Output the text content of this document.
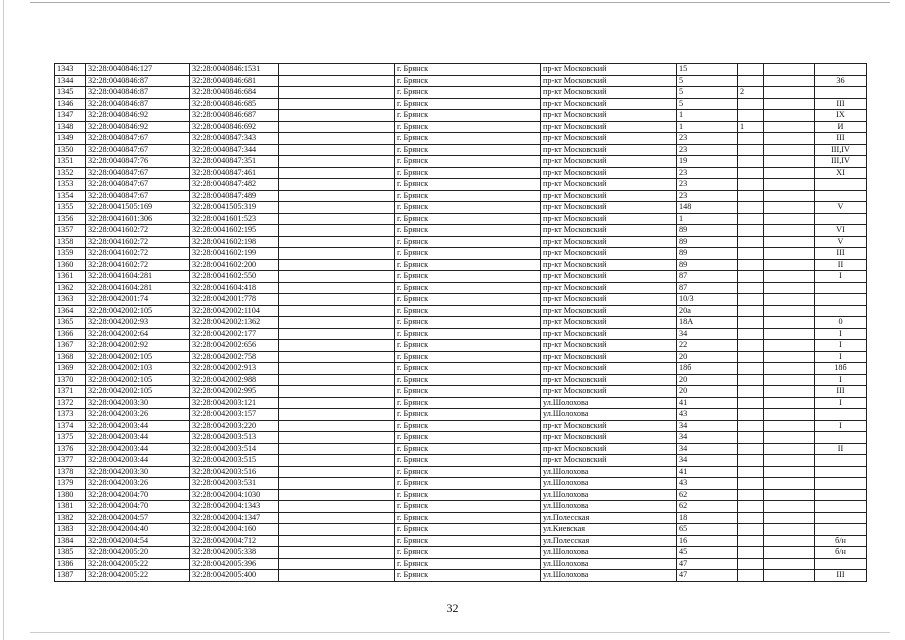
1343	32:28:0040846:127	32:28:0040846:1531		г. Брянск	пр-кт Московский	15			
1344	32:28:0040846:87	32:28:0040846:681		г. Брянск	пр-кт Московский	5			36
1345	32:28:0040846:87	32:28:0040846:684		г. Брянск	пр-кт Московский	5	2		
1346	32:28:0040846:87	32:28:0040846:685		г. Брянск	пр-кт Московский	5			III
1347	32:28:0040846:92	32:28:0040846:687		г. Брянск	пр-кт Московский	1			IX
1348	32:28:0040846:92	32:28:0040846:692		г. Брянск	пр-кт Московский	1	1		И
1349	32:28:0040847:67	32:28:0040847:343		г. Брянск	пр-кт Московский	23			III
1350	32:28:0040847:67	32:28:0040847:344		г. Брянск	пр-кт Московский	23			III,IV
1351	32:28:0040847:76	32:28:0040847:351		г. Брянск	пр-кт Московский	19			III,IV
1352	32:28:0040847:67	32:28:0040847:461		г. Брянск	пр-кт Московский	23			XI
1353	32:28:0040847:67	32:28:0040847:482		г. Брянск	пр-кт Московский	23			
1354	32:28:0040847:67	32:28:0040847:489		г. Брянск	пр-кт Московский	23			
1355	32:28:0041505:169	32:28:0041505:319		г. Брянск	пр-кт Московский	148			V
1356	32:28:0041601:306	32:28:0041601:523		г. Брянск	пр-кт Московский	1			
1357	32:28:0041602:72	32:28:0041602:195		г. Брянск	пр-кт Московский	89			VI
1358	32:28:0041602:72	32:28:0041602:198		г. Брянск	пр-кт Московский	89			V
1359	32:28:0041602:72	32:28:0041602:199		г. Брянск	пр-кт Московский	89			III
1360	32:28:0041602:72	32:28:0041602:200		г. Брянск	пр-кт Московский	89			II
1361	32:28:0041604:281	32:28:0041602:550		г. Брянск	пр-кт Московский	87			I
1362	32:28:0041604:281	32:28:0041604:418		г. Брянск	пр-кт Московский	87			
1363	32:28:0042001:74	32:28:0042001:778		г. Брянск	пр-кт Московский	10/3			
1364	32:28:0042002:105	32:28:0042002:1104		г. Брянск	пр-кт Московский	20а			
1365	32:28:0042002:93	32:28:0042002:1362		г. Брянск	пр-кт Московский	18А			0
1366	32:28:0042002:64	32:28:0042002:177		г. Брянск	пр-кт Московский	34			I
1367	32:28:0042002:92	32:28:0042002:656		г. Брянск	пр-кт Московский	22			I
1368	32:28:0042002:105	32:28:0042002:758		г. Брянск	пр-кт Московский	20			I
1369	32:28:0042002:103	32:28:0042002:913		г. Брянск	пр-кт Московский	18б			18б
1370	32:28:0042002:105	32:28:0042002:988		г. Брянск	пр-кт Московский	20			I
1371	32:28:0042002:105	32:28:0042002:995		г. Брянск	пр-кт Московский	20			III
1372	32:28:0042003:30	32:28:0042003:121		г. Брянск	ул.Шолохова	41			I
1373	32:28:0042003:26	32:28:0042003:157		г. Брянск	ул.Шолохова	43			
1374	32:28:0042003:44	32:28:0042003:220		г. Брянск	пр-кт Московский	34			I
1375	32:28:0042003:44	32:28:0042003:513		г. Брянск	пр-кт Московский	34			
1376	32:28:0042003:44	32:28:0042003:514		г. Брянск	пр-кт Московский	34			II
1377	32:28:0042003:44	32:28:0042003:515		г. Брянск	пр-кт Московский	34			
1378	32:28:0042003:30	32:28:0042003:516		г. Брянск	ул.Шолохова	41			
1379	32:28:0042003:26	32:28:0042003:531		г. Брянск	ул.Шолохова	43			
1380	32:28:0042004:70	32:28:0042004:1030		г. Брянск	ул.Шолохова	62			
1381	32:28:0042004:70	32:28:0042004:1343		г. Брянск	ул.Шолохова	62			
1382	32:28:0042004:57	32:28:0042004:1347		г. Брянск	ул.Полесская	18			
1383	32:28:0042004:40	32:28:0042004:160		г. Брянск	ул.Киевская	65			
1384	32:28:0042004:54	32:28:0042004:712		г. Брянск	ул.Полесская	16			б/н
1385	32:28:0042005:20	32:28:0042005:338		г. Брянск	ул.Шолохова	45			б/н
1386	32:28:0042005:22	32:28:0042005:396		г. Брянск	ул.Шолохова	47			
1387	32:28:0042005:22	32:28:0042005:400		г. Брянск	ул.Шолохова	47			III
32
